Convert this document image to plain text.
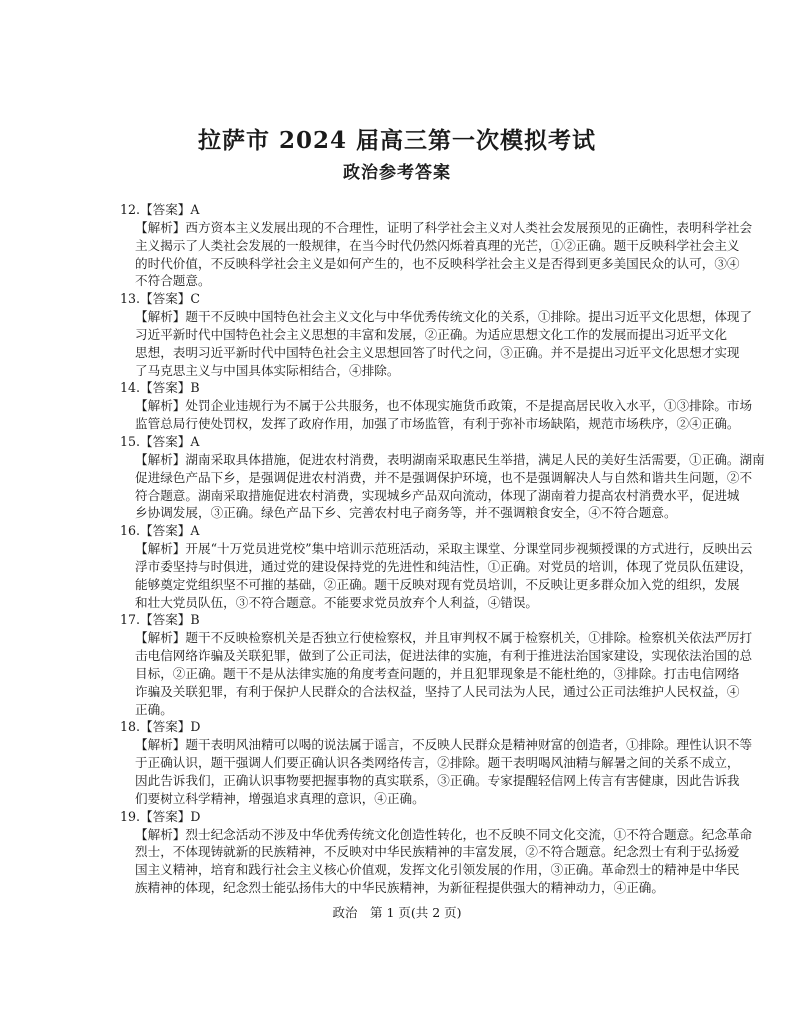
拉萨市 2024 届高三第一次模拟考试
政治参考答案
12.【答案】A
【解析】西方资本主义发展出现的不合理性，证明了科学社会主义对人类社会发展预见的正确性，表明科学社会
主义揭示了人类社会发展的一般规律，在当今时代仍然闪烁着真理的光芒，①②正确。题干反映科学社会主义
的时代价值，不反映科学社会主义是如何产生的，也不反映科学社会主义是否得到更多美国民众的认可，③④
不符合题意。
13.【答案】C
【解析】题干不反映中国特色社会主义文化与中华优秀传统文化的关系，①排除。提出习近平文化思想，体现了
习近平新时代中国特色社会主义思想的丰富和发展，②正确。为适应思想文化工作的发展而提出习近平文化
思想，表明习近平新时代中国特色社会主义思想回答了时代之问，③正确。并不是提出习近平文化思想才实现
了马克思主义与中国具体实际相结合，④排除。
14.【答案】B
【解析】处罚企业违规行为不属于公共服务，也不体现实施货币政策，不是提高居民收入水平，①③排除。市场
监管总局行使处罚权，发挥了政府作用，加强了市场监管，有利于弥补市场缺陷，规范市场秩序，②④正确。
15.【答案】A
【解析】湖南采取具体措施，促进农村消费，表明湖南采取惠民生举措，满足人民的美好生活需要，①正确。湖南
促进绿色产品下乡，是强调促进农村消费，并不是强调保护环境，也不是强调解决人与自然和谐共生问题，②不
符合题意。湖南采取措施促进农村消费，实现城乡产品双向流动，体现了湖南着力提高农村消费水平，促进城
乡协调发展，③正确。绿色产品下乡、完善农村电子商务等，并不强调粮食安全，④不符合题意。
16.【答案】A
【解析】开展“十万党员进党校”集中培训示范班活动，采取主课堂、分课堂同步视频授课的方式进行，反映出云
浮市委坚持与时俱进，通过党的建设保持党的先进性和纯洁性，①正确。对党员的培训，体现了党员队伍建设，
能够奠定党组织坚不可摧的基础，②正确。题干反映对现有党员培训，不反映让更多群众加入党的组织，发展
和壮大党员队伍，③不符合题意。不能要求党员放弃个人利益，④错误。
17.【答案】B
【解析】题干不反映检察机关是否独立行使检察权，并且审判权不属于检察机关，①排除。检察机关依法严厉打
击电信网络诈骗及关联犯罪，做到了公正司法，促进法律的实施，有利于推进法治国家建设，实现依法治国的总
目标，②正确。题干不是从法律实施的角度考查问题的，并且犯罪现象是不能杜绝的，③排除。打击电信网络
诈骗及关联犯罪，有利于保护人民群众的合法权益，坚持了人民司法为人民，通过公正司法维护人民权益，④
正确。
18.【答案】D
【解析】题干表明风油精可以喝的说法属于谣言，不反映人民群众是精神财富的创造者，①排除。理性认识不等
于正确认识，题干强调人们要正确认识各类网络传言，②排除。题干表明喝风油精与解暑之间的关系不成立，
因此告诉我们，正确认识事物要把握事物的真实联系，③正确。专家提醒轻信网上传言有害健康，因此告诉我
们要树立科学精神，增强追求真理的意识，④正确。
19.【答案】D
【解析】烈士纪念活动不涉及中华优秀传统文化创造性转化，也不反映不同文化交流，①不符合题意。纪念革命
烈士，不体现铸就新的民族精神，不反映对中华民族精神的丰富发展，②不符合题意。纪念烈士有利于弘扬爱
国主义精神，培育和践行社会主义核心价值观，发挥文化引领发展的作用，③正确。革命烈士的精神是中华民
族精神的体现，纪念烈士能弘扬伟大的中华民族精神，为新征程提供强大的精神动力，④正确。
政治　第 1 页(共 2 页)
